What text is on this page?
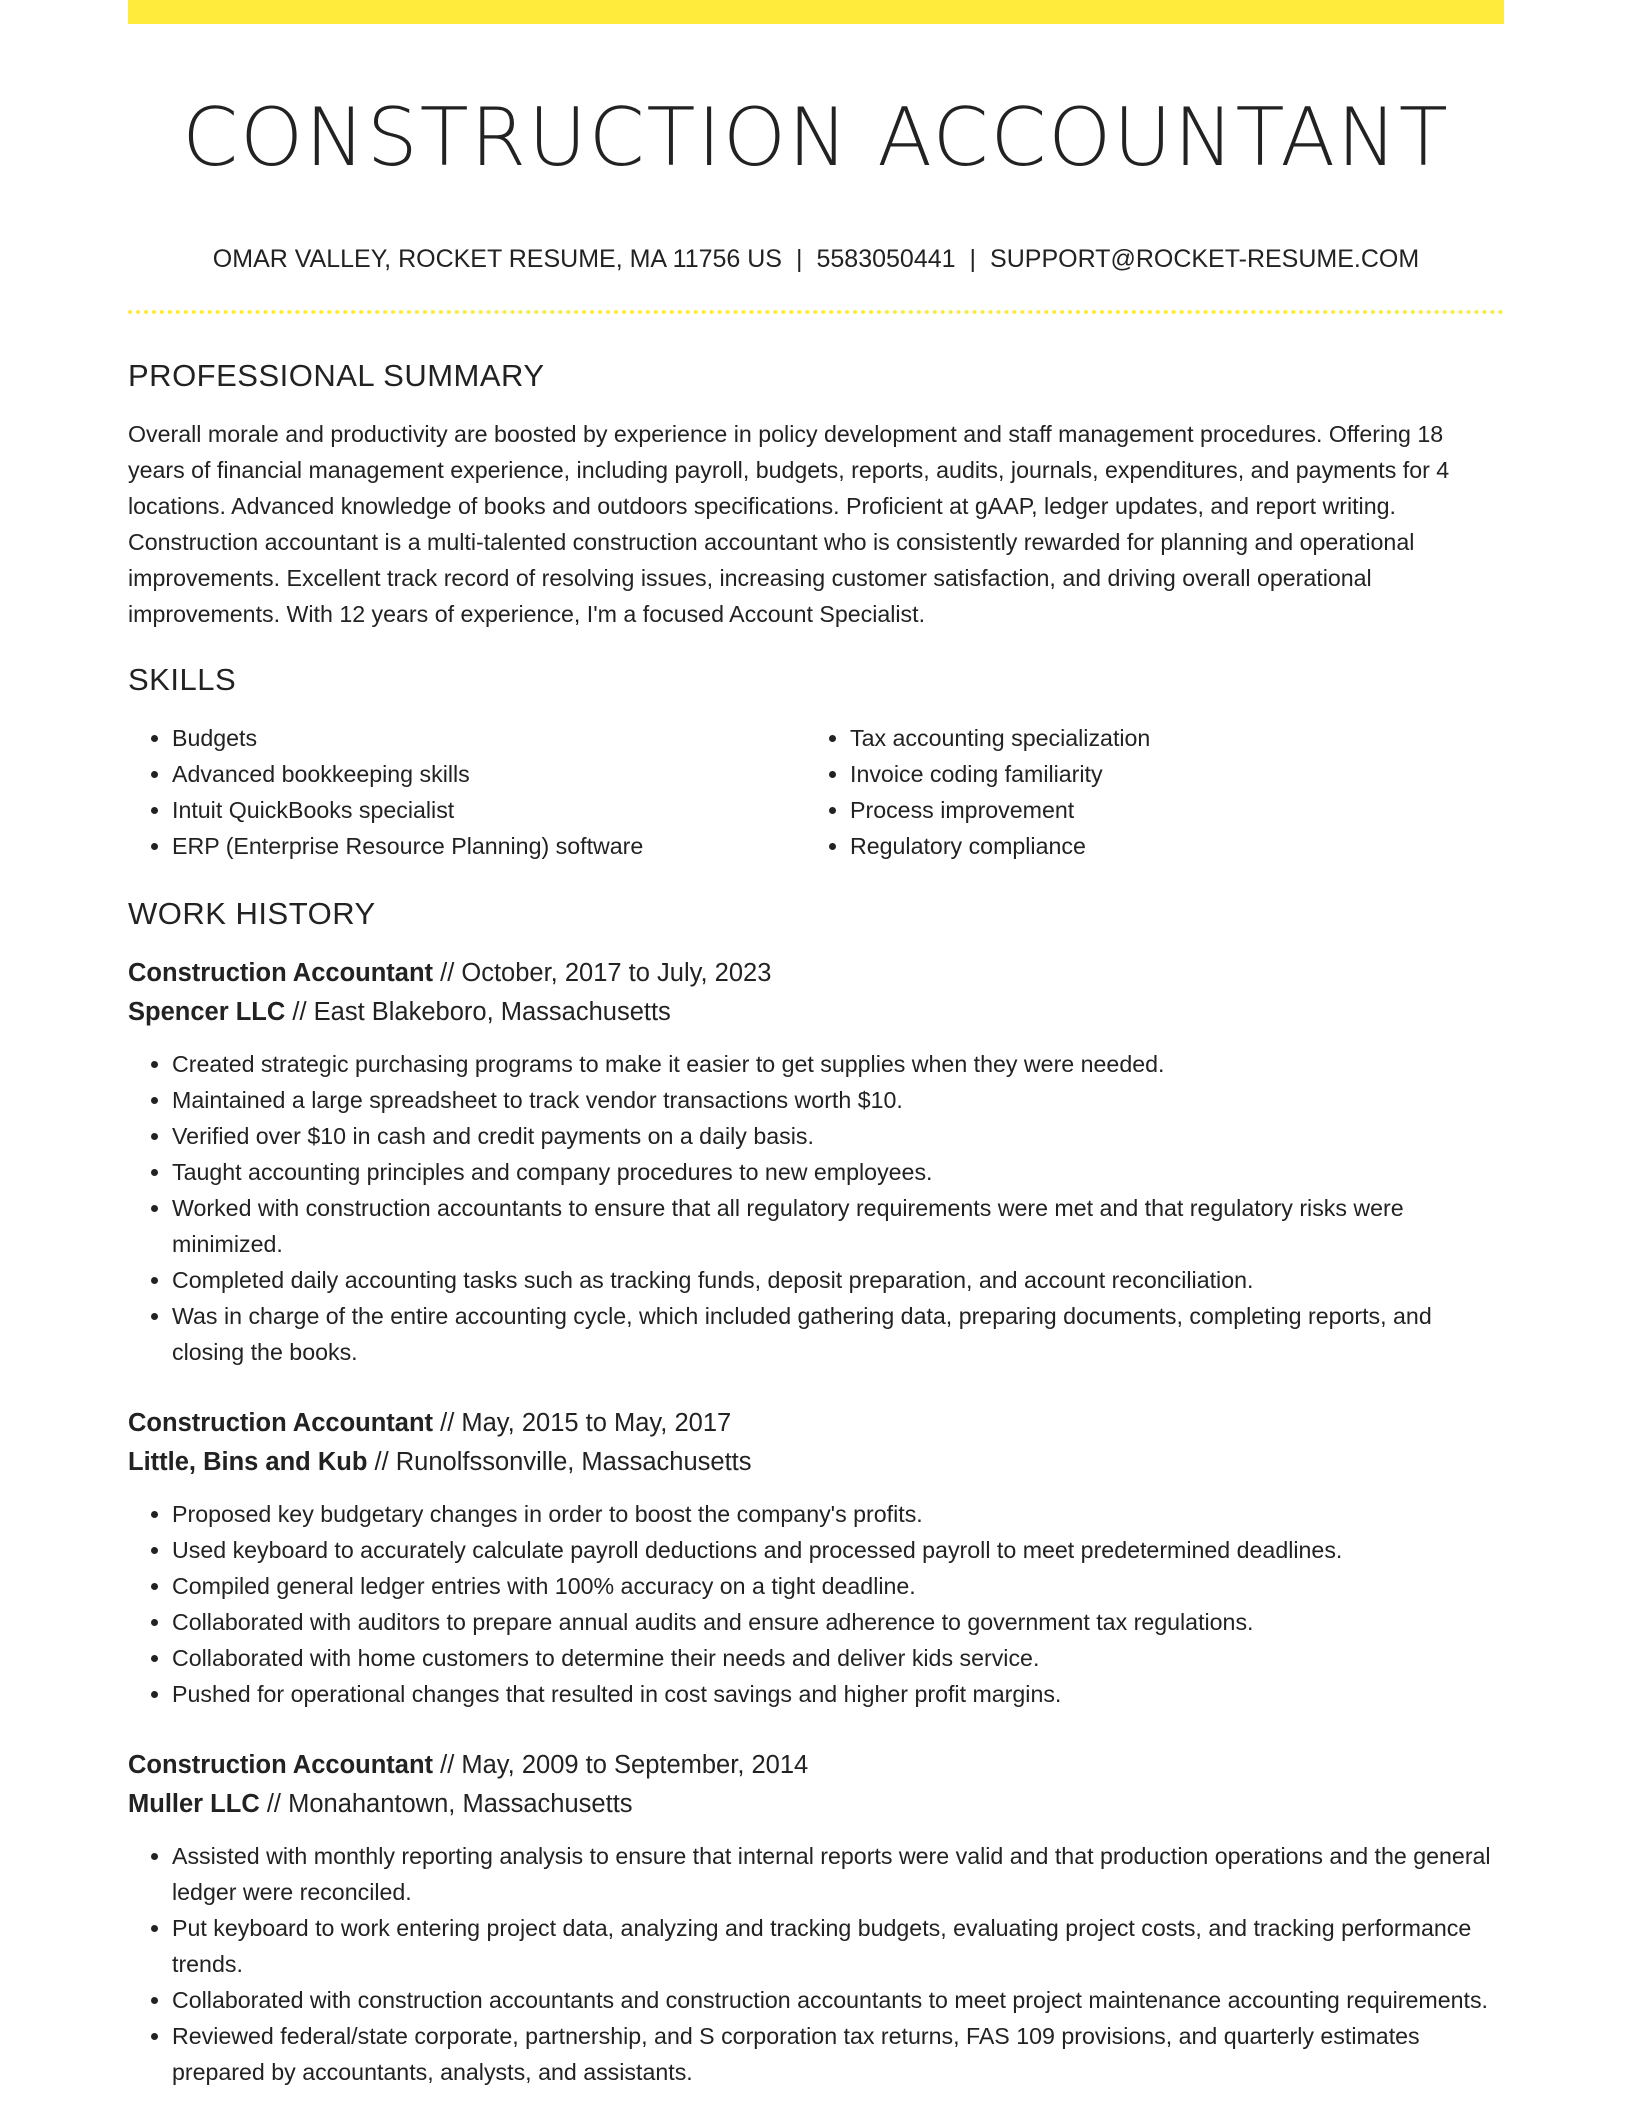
CONSTRUCTION ACCOUNTANT
OMAR VALLEY, ROCKET RESUME, MA 11756 US | 5583050441 | SUPPORT@ROCKET-RESUME.COM
PROFESSIONAL SUMMARY
Overall morale and productivity are boosted by experience in policy development and staff management procedures. Offering 18 years of financial management experience, including payroll, budgets, reports, audits, journals, expenditures, and payments for 4 locations. Advanced knowledge of books and outdoors specifications. Proficient at gAAP, ledger updates, and report writing. Construction accountant is a multi-talented construction accountant who is consistently rewarded for planning and operational improvements. Excellent track record of resolving issues, increasing customer satisfaction, and driving overall operational improvements. With 12 years of experience, I'm a focused Account Specialist.
SKILLS
• Budgets
• Advanced bookkeeping skills
• Intuit QuickBooks specialist
• ERP (Enterprise Resource Planning) software
• Tax accounting specialization
• Invoice coding familiarity
• Process improvement
• Regulatory compliance
WORK HISTORY
Construction Accountant // October, 2017 to July, 2023
Spencer LLC // East Blakeboro, Massachusetts
• Created strategic purchasing programs to make it easier to get supplies when they were needed.
• Maintained a large spreadsheet to track vendor transactions worth $10.
• Verified over $10 in cash and credit payments on a daily basis.
• Taught accounting principles and company procedures to new employees.
• Worked with construction accountants to ensure that all regulatory requirements were met and that regulatory risks were minimized.
• Completed daily accounting tasks such as tracking funds, deposit preparation, and account reconciliation.
• Was in charge of the entire accounting cycle, which included gathering data, preparing documents, completing reports, and closing the books.
Construction Accountant // May, 2015 to May, 2017
Little, Bins and Kub // Runolfssonville, Massachusetts
• Proposed key budgetary changes in order to boost the company's profits.
• Used keyboard to accurately calculate payroll deductions and processed payroll to meet predetermined deadlines.
• Compiled general ledger entries with 100% accuracy on a tight deadline.
• Collaborated with auditors to prepare annual audits and ensure adherence to government tax regulations.
• Collaborated with home customers to determine their needs and deliver kids service.
• Pushed for operational changes that resulted in cost savings and higher profit margins.
Construction Accountant // May, 2009 to September, 2014
Muller LLC // Monahantown, Massachusetts
• Assisted with monthly reporting analysis to ensure that internal reports were valid and that production operations and the general ledger were reconciled.
• Put keyboard to work entering project data, analyzing and tracking budgets, evaluating project costs, and tracking performance trends.
• Collaborated with construction accountants and construction accountants to meet project maintenance accounting requirements.
• Reviewed federal/state corporate, partnership, and S corporation tax returns, FAS 109 provisions, and quarterly estimates prepared by accountants, analysts, and assistants.
